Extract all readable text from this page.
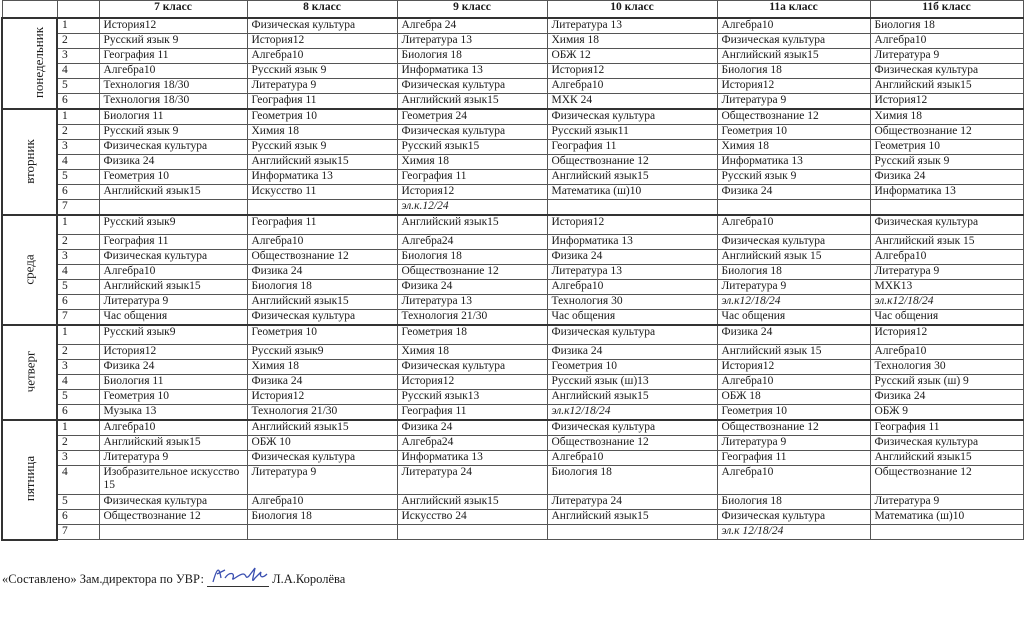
		7 класс	8 класс	9 класс	10 класс	11а класс	11б класс
понедельник	1	История12	Физическая культура	Алгебра 24	Литература 13	Алгебра10	Биология 18
	2	Русский язык 9	История12	Литература 13	Химия 18	Физическая культура	Алгебра10
	3	География 11	Алгебра10	Биология 18	ОБЖ 12	Английский язык15	Литература 9
	4	Алгебра10	Русский язык 9	Информатика 13	История12	Биология 18	Физическая культура
	5	Технология 18/30	Литература 9	Физическая культура	Алгебра10	История12	Английский язык15
	6	Технология 18/30	География 11	Английский язык15	МХК 24	Литература 9	История12
вторник	1	Биология 11	Геометрия 10	Геометрия 24	Физическая культура	Обществознание 12	Химия 18
	2	Русский язык 9	Химия 18	Физическая культура	Русский язык11	Геометрия 10	Обществознание 12
	3	Физическая культура	Русский язык 9	Русский язык15	География 11	Химия 18	Геометрия 10
	4	Физика 24	Английский язык15	Химия 18	Обществознание 12	Информатика 13	Русский язык 9
	5	Геометрия 10	Информатика 13	География 11	Английский язык15	Русский язык 9	Физика 24
	6	Английский язык15	Искусство 11	История12	Математика (ш)10	Физика 24	Информатика 13
	7			эл.к.12/24			
среда	1	Русский язык9	География 11	Английский язык15	История12	Алгебра10	Физическая культура
	2	География 11	Алгебра10	Алгебра24	Информатика 13	Физическая культура	Английский язык 15
	3	Физическая культура	Обществознание 12	Биология 18	Физика 24	Английский язык 15	Алгебра10
	4	Алгебра10	Физика 24	Обществознание 12	Литература 13	Биология 18	Литература 9
	5	Английский язык15	Биология 18	Физика 24	Алгебра10	Литература 9	МХК13
	6	Литература 9	Английский язык15	Литература 13	Технология 30	эл.к12/18/24	эл.к12/18/24
	7	Час общения	Физическая культура	Технология 21/30	Час общения	Час общения	Час общения
четверг	1	Русский язык9	Геометрия 10	Геометрия 18	Физическая культура	Физика 24	История12
	2	История12	Русский язык9	Химия 18	Физика 24	Английский язык 15	Алгебра10
	3	Физика 24	Химия 18	Физическая культура	Геометрия 10	История12	Технология 30
	4	Биология 11	Физика 24	История12	Русский язык (ш)13	Алгебра10	Русский язык (ш) 9
	5	Геометрия 10	История12	Русский язык13	Английский язык15	ОБЖ 18	Физика 24
	6	Музыка 13	Технология 21/30	География 11	эл.к12/18/24	Геометрия 10	ОБЖ 9
пятница	1	Алгебра10	Английский язык15	Физика 24	Физическая культура	Обществознание 12	География 11
	2	Английский язык15	ОБЖ 10	Алгебра24	Обществознание 12	Литература 9	Физическая культура
	3	Литература 9	Физическая культура	Информатика 13	Алгебра10	География 11	Английский язык15
	4	Изобразительное искусство 15	Литература 9	Литература 24	Биология 18	Алгебра10	Обществознание 12
	5	Физическая культура	Алгебра10	Английский язык15	Литература 24	Биология 18	Литература 9
	6	Обществознание 12	Биология 18	Искусство 24	Английский язык15	Физическая культура	Математика (ш)10
	7					эл.к 12/18/24	
«Составлено» Зам.директора по УВР:	Л.А.Королёва
